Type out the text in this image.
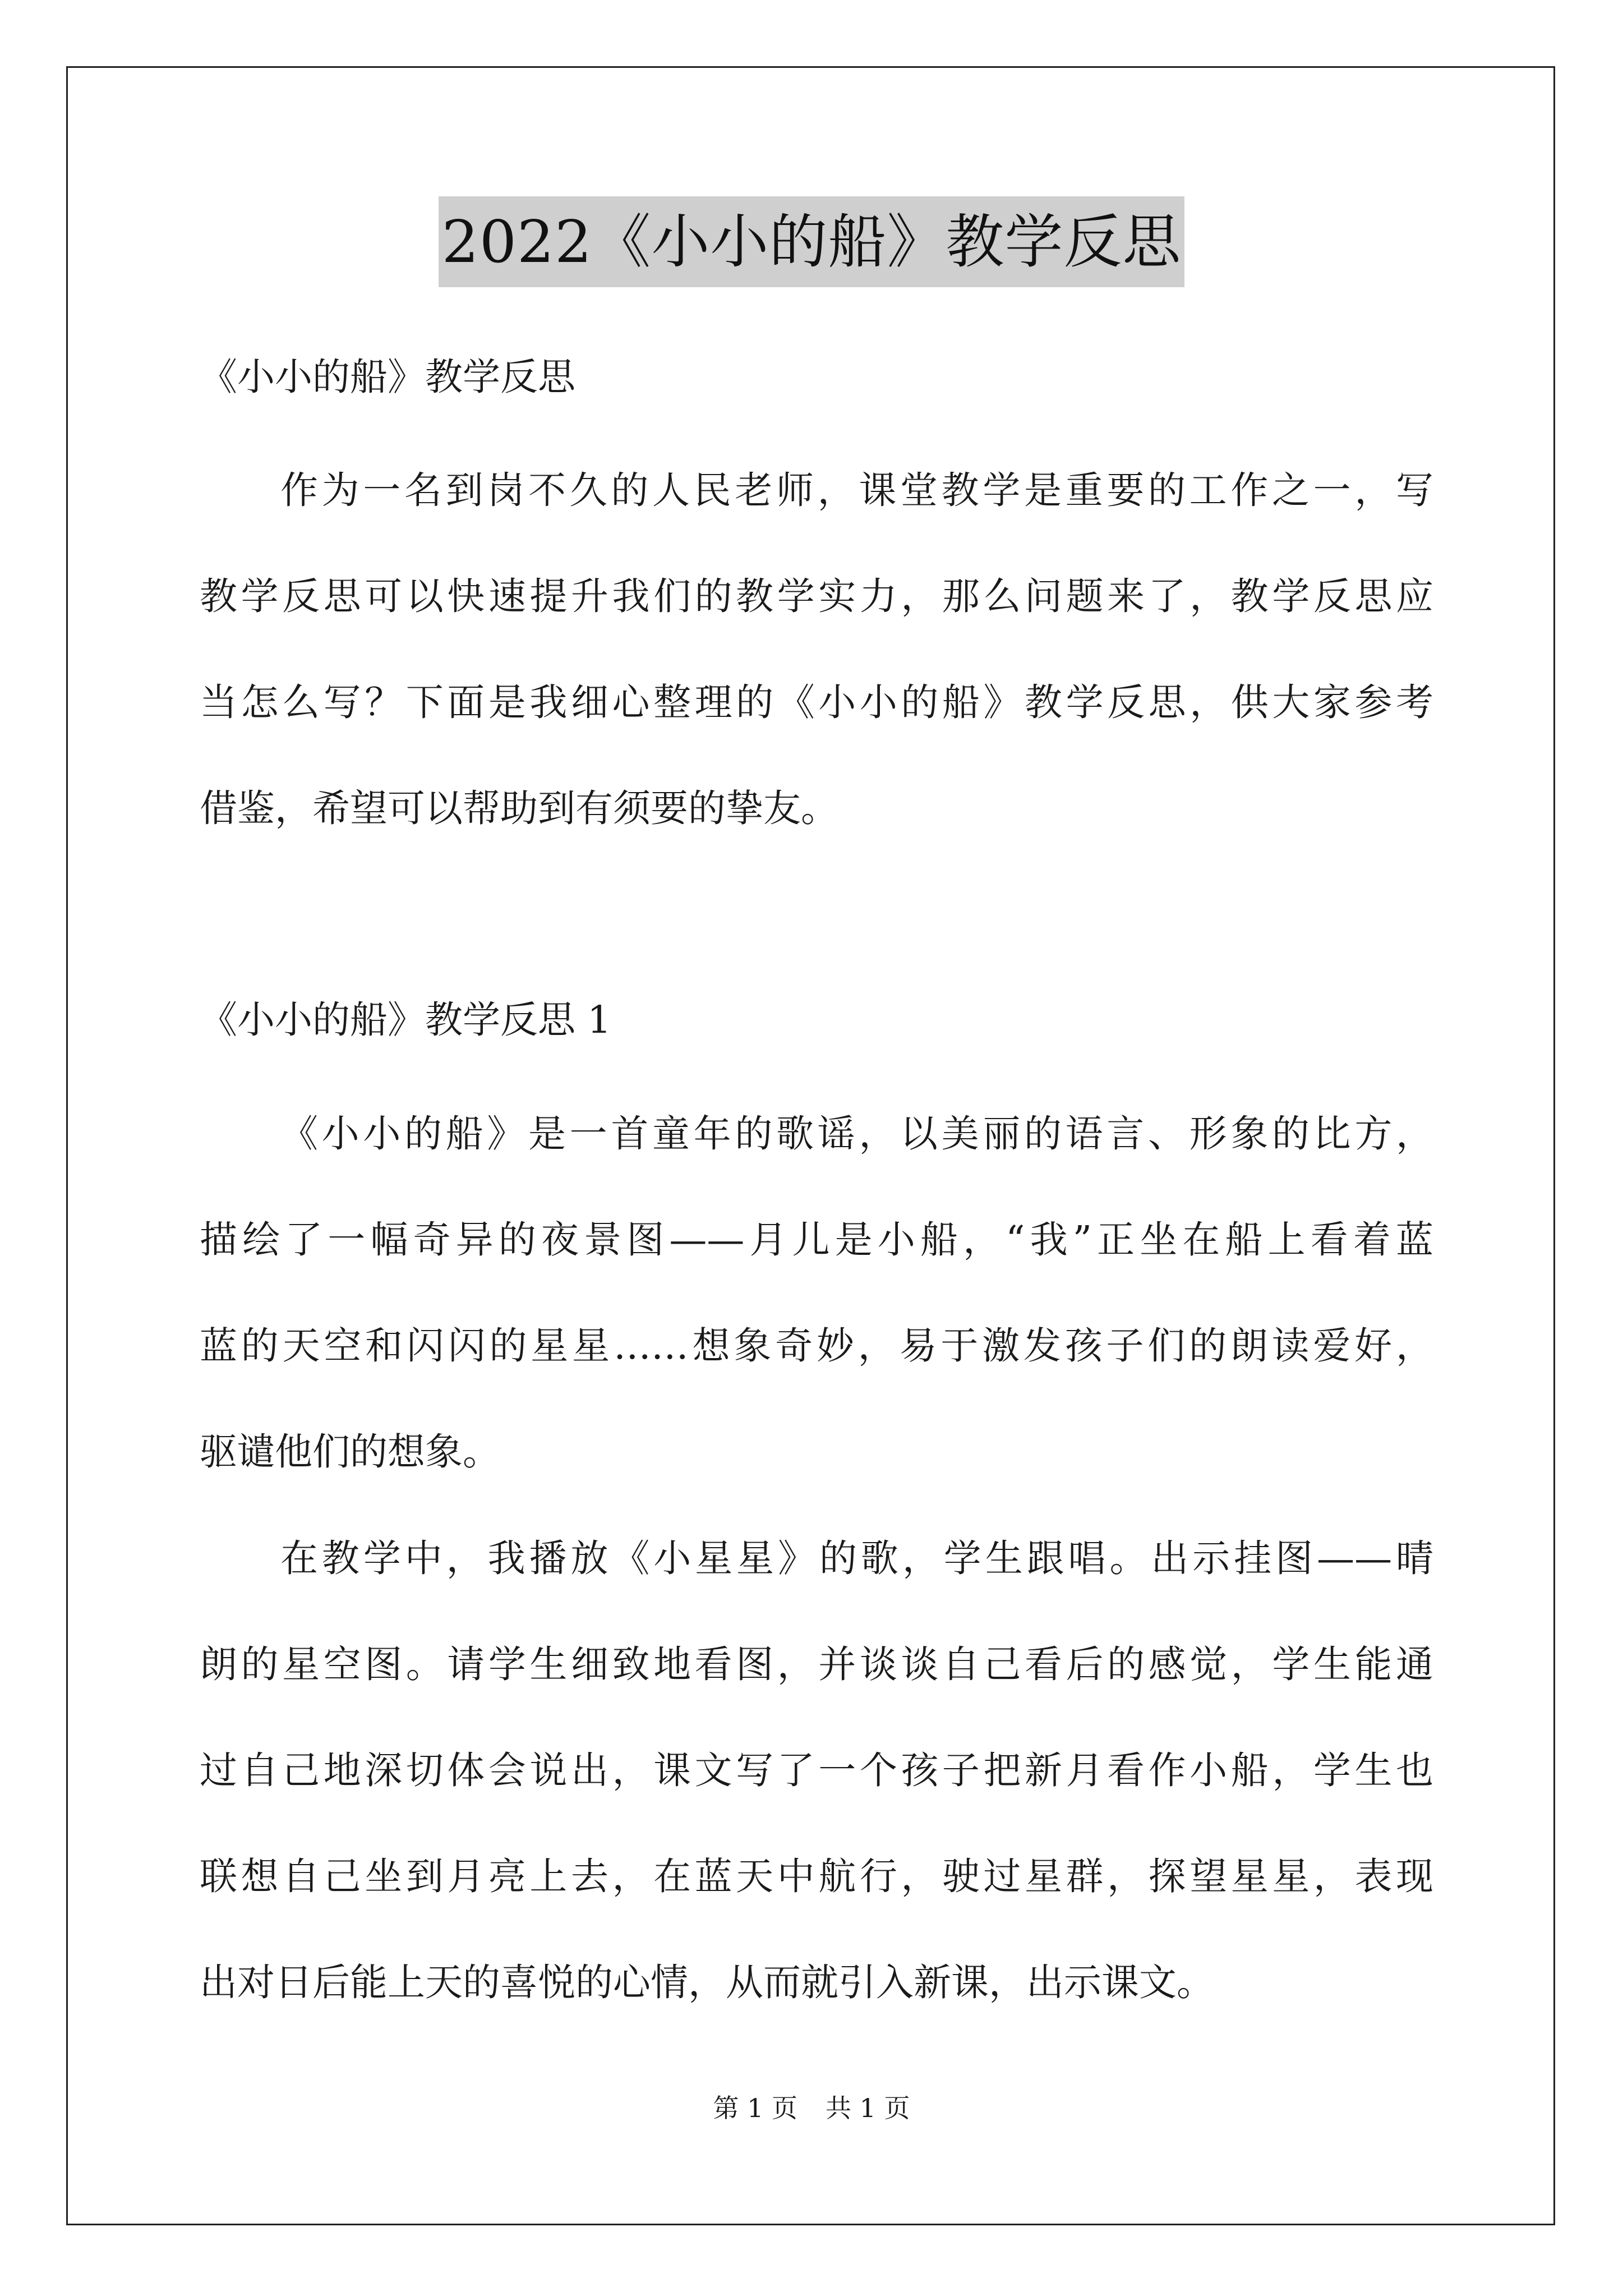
2022《小小的船》教学反思
《小小的船》教学反思
作为一名到岗不久的人民老师，课堂教学是重要的工作之一，写
教学反思可以快速提升我们的教学实力，那么问题来了，教学反思应
当怎么写？下面是我细心整理的《小小的船》教学反思，供大家参考
借鉴，希望可以帮助到有须要的挚友。
《小小的船》教学反思 1
《小小的船》是一首童年的歌谣，以美丽的语言、形象的比方，
描绘了一幅奇异的夜景图——月儿是小船，“我”正坐在船上看着蓝
蓝的天空和闪闪的星星……想象奇妙，易于激发孩子们的朗读爱好，
驱谴他们的想象。
在教学中，我播放《小星星》的歌，学生跟唱。出示挂图——晴
朗的星空图。请学生细致地看图，并谈谈自己看后的感觉，学生能通
过自己地深切体会说出，课文写了一个孩子把新月看作小船，学生也
联想自己坐到月亮上去，在蓝天中航行，驶过星群，探望星星，表现
出对日后能上天的喜悦的心情，从而就引入新课，出示课文。
第 1 页 共 1 页
